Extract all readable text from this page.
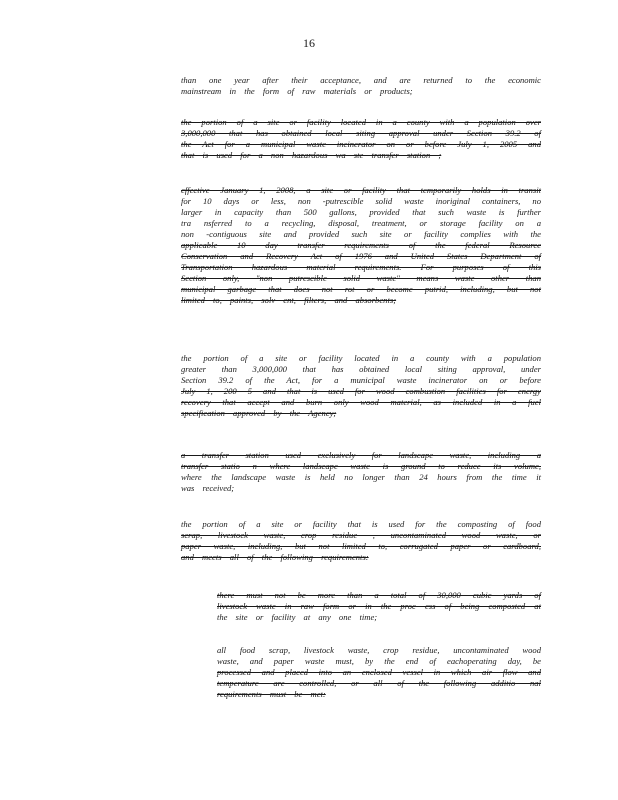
16
than one year after their acceptance, and are returned to the economic
mainstream in the form of raw materials or products;
the portion of a site or facility located in a county with a population over
3,000,000 that has obtained local siting approval under Section 39.2 of
the Act for a municipal waste incinerator on or before July 1, 2005 and
that is used for a non hazardous wa ste transfer station ;
effective January 1, 2008, a site or facility that temporarily holds in transit
for 10 days or less, non -putrescible solid waste inoriginal containers, no
larger in capacity than 500 gallons, provided that such waste is further
tra nsferred to a recycling, disposal, treatment, or storage facility on a
non -contiguous site and provided such site or facility complies with the
applicable 10 day transfer requirements of the federal Resource
Conservation and Recovery Act of 1976 and United States Department of
Transportation hazardous material requirements. For purposes of this
Section only, "non putrescible solid waste" means waste other than
municipal garbage that does not rot or become putrid, including, but not
limited to, paints, solv ent, filters, and absorbents;
the portion of a site or facility located in a county with a population
greater than 3,000,000 that has obtained local siting approval, under
Section 39.2 of the Act, for a municipal waste incinerator on or before
July 1, 200 5 and that is used for wood combustion facilities for energy
recovery that accept and burn only wood material, as included in a fuel
specification approved by the Agency;
a transfer station used exclusively for landscape waste, including a
transfer statio n where landscape waste is ground to reduce its volume,
where the landscape waste is held no longer than 24 hours from the time it
was received;
the portion of a site or facility that is used for the composting of food
scrap, livestock waste, crop residue , uncontaminated wood waste, or
paper waste, including, but not limited to, corrugated paper or cardboard,
and meets all of the following requirements:
there must not be more than a total of 30,000 cubic yards of
livestock waste in raw form or in the proc ess of being composted at
the site or facility at any one time;
all food scrap, livestock waste, crop residue, uncontaminated wood
waste, and paper waste must, by the end of eachoperating day, be
processed and placed into an enclosed vessel in which air flow and
temperature are controlled, or all of the following additio nal
requirements must be met:
